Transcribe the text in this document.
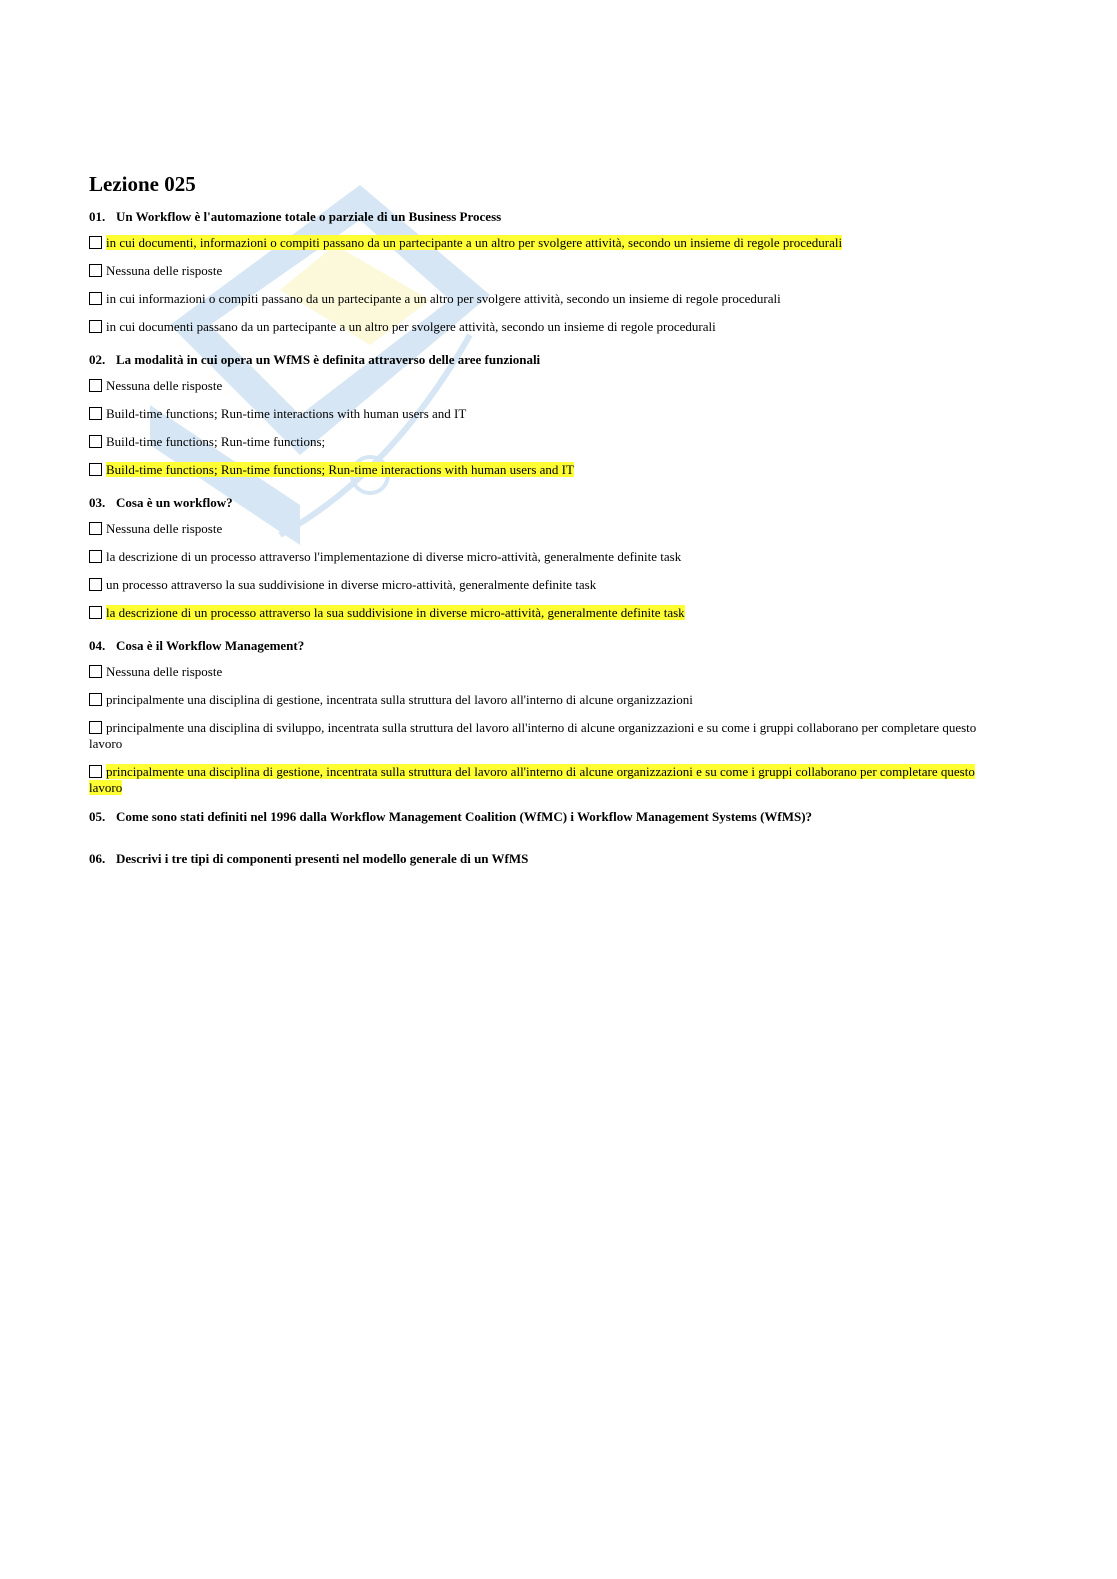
Lezione 025

01. Un Workflow è l'automazione totale o parziale di un Business Process

in cui documenti, informazioni o compiti passano da un partecipante a un altro per svolgere attività, secondo un insieme di regole procedurali
Nessuna delle risposte
in cui informazioni o compiti passano da un partecipante a un altro per svolgere attività, secondo un insieme di regole procedurali
in cui documenti passano da un partecipante a un altro per svolgere attività, secondo un insieme di regole procedurali

02. La modalità in cui opera un WfMS è definita attraverso delle aree funzionali

Nessuna delle risposte
Build-time functions; Run-time interactions with human users and IT
Build-time functions; Run-time functions;
Build-time functions; Run-time functions; Run-time interactions with human users and IT

03. Cosa è un workflow?

Nessuna delle risposte
la descrizione di un processo attraverso l'implementazione di diverse micro-attività, generalmente definite task
un processo attraverso la sua suddivisione in diverse micro-attività, generalmente definite task
la descrizione di un processo attraverso la sua suddivisione in diverse micro-attività, generalmente definite task

04. Cosa è il Workflow Management?

Nessuna delle risposte
principalmente una disciplina di gestione, incentrata sulla struttura del lavoro all'interno di alcune organizzazioni
principalmente una disciplina di sviluppo, incentrata sulla struttura del lavoro all'interno di alcune organizzazioni e su come i gruppi collaborano per completare questo lavoro
principalmente una disciplina di gestione, incentrata sulla struttura del lavoro all'interno di alcune organizzazioni e su come i gruppi collaborano per completare questo lavoro

05. Come sono stati definiti nel 1996 dalla Workflow Management Coalition (WfMC) i Workflow Management Systems (WfMS)?

06. Descrivi i tre tipi di componenti presenti nel modello generale di un WfMS
